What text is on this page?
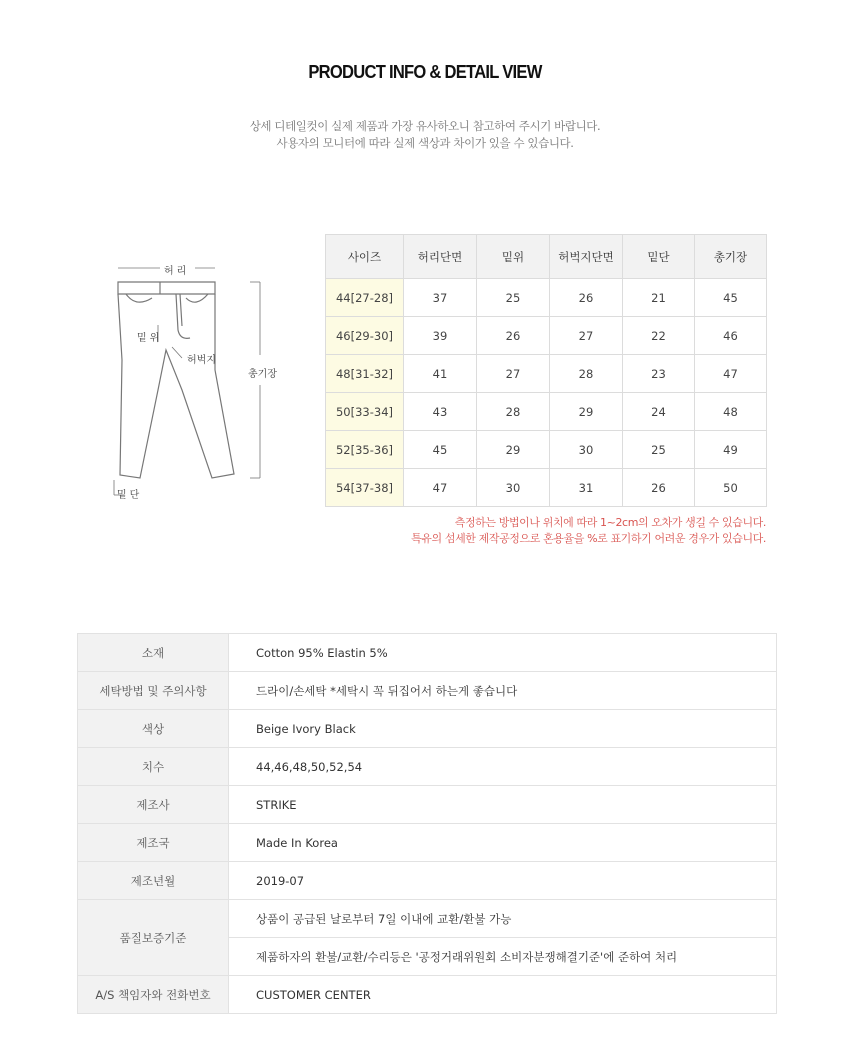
PRODUCT INFO & DETAIL VIEW
상세 디테일컷이 실제 제품과 가장 유사하오니 참고하여 주시기 바랍니다.
사용자의 모니터에 따라 실제 색상과 차이가 있을 수 있습니다.
허리
밑위
허벅지
총기장
밑단
사이즈	허리단면	밑위	허벅지단면	밑단	총기장
44[27-28]	37	25	26	21	45
46[29-30]	39	26	27	22	46
48[31-32]	41	27	28	23	47
50[33-34]	43	28	29	24	48
52[35-36]	45	29	30	25	49
54[37-38]	47	30	31	26	50
측정하는 방법이나 위치에 따라 1~2cm의 오차가 생길 수 있습니다.
특유의 섬세한 제작공정으로 혼용율을 %로 표기하기 어려운 경우가 있습니다.
소재	Cotton 95% Elastin 5%
세탁방법 및 주의사항	드라이/손세탁 *세탁시 꼭 뒤집어서 하는게 좋습니다
색상	Beige Ivory Black
치수	44,46,48,50,52,54
제조사	STRIKE
제조국	Made In Korea
제조년월	2019-07
품질보증기준	상품이 공급된 날로부터 7일 이내에 교환/환불 가능
	제품하자의 환불/교환/수리등은 '공정거래위원회 소비자분쟁해결기준'에 준하여 처리
A/S 책임자와 전화번호	CUSTOMER CENTER
